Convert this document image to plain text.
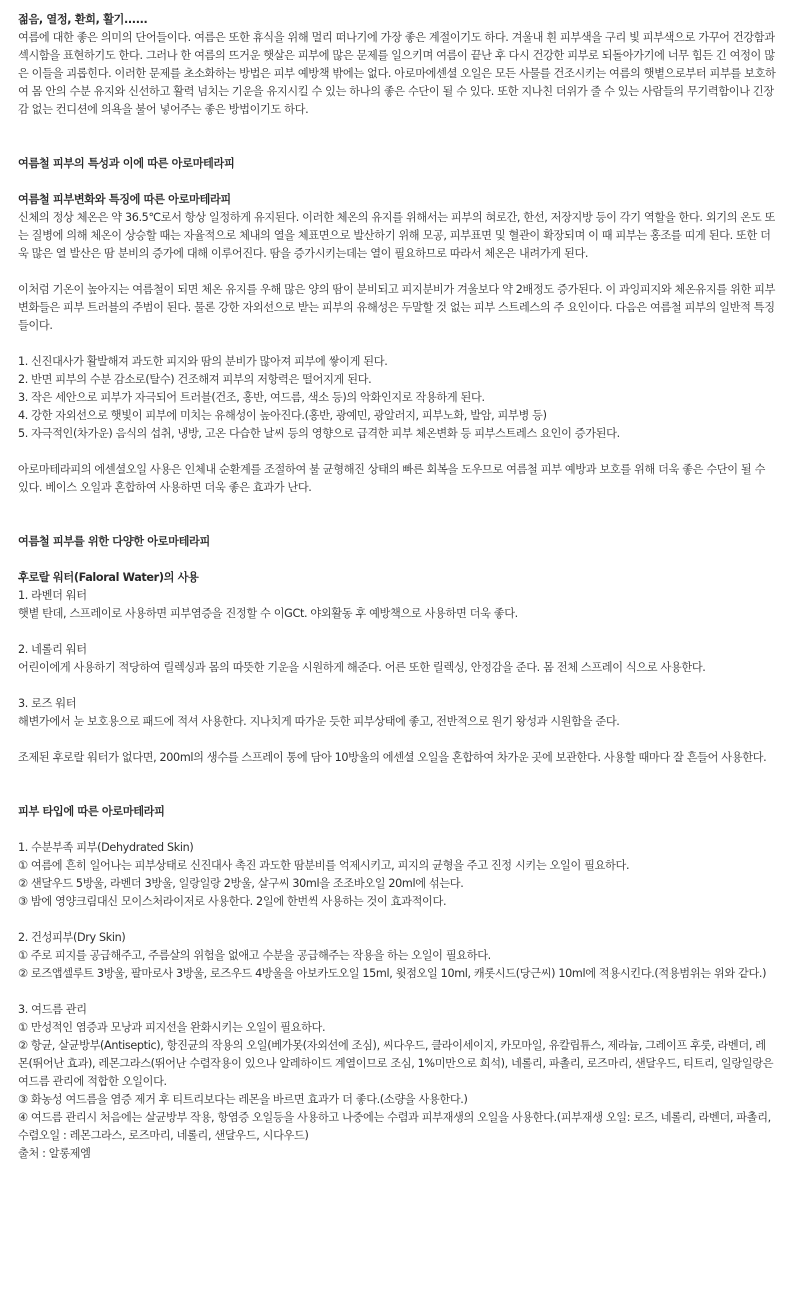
젊음, 열정, 환희, 활기......

여름에 대한 좋은 의미의 단어들이다. 여름은 또한 휴식을 위해 멀리 떠나기에 가장 좋은 계절이기도 하다. 겨울내 흰 피부색을 구리 빛 피부색으로 가꾸어 건강함과 섹시함을 표현하기도 한다. 그러나 한 여름의 뜨거운 햇살은 피부에 많은 문제를 일으키며 여름이 끝난 후 다시 건강한 피부로 되돌아가기에 너무 힘든 긴 여정이 많은 이들을 괴롭힌다. 이러한 문제를 초소화하는 방법은 피부 예방책 밖에는 없다. 아로마에센셜 오일은 모든 사물를 건조시키는 여름의 햇볕으로부터 피부를 보호하여 몸 안의 수분 유지와 신선하고 활력 넘치는 기운을 유지시킬 수 있는 하나의 좋은 수단이 될 수 있다. 또한 지나친 더위가 줄 수 있는 사람들의 무기력함이나 긴장감 없는 컨디션에 의욕을 불어 넣어주는 좋은 방법이기도 하다.

여름철 피부의 특성과 이에 따른 아로마테라피

여름철 피부변화와 특징에 따른 아로마테라피

신체의 정상 체온은 약 36.5℃로서 항상 일정하게 유지된다. 이러한 체온의 유지를 위해서는 피부의 혀로간, 한선, 저장지방 등이 각기 역할을 한다. 외기의 온도 또는 질병에 의해 체온이 상승할 때는 자율적으로 체내의 열을 체표면으로 발산하기 위해 모공, 피부표면 및 혈관이 확장되며 이 때 피부는 홍조를 띠게 된다. 또한 더욱 많은 열 발산은 땀 분비의 증가에 대해 이루어진다. 땀을 증가시키는데는 열이 필요하므로 따라서 체온은 내려가게 된다.

이처럼 기온이 높아지는 여름철이 되면 체온 유지를 우해 많은 양의 땀이 분비되고 피지분비가 겨울보다 약 2배정도 증가된다. 이 과잉피지와 체온유지를 위한 피부변화들은 피부 트러블의 주범이 된다. 물론 강한 자외선으로 받는 피부의 유해성은 두말할 것 없는 피부 스트레스의 주 요인이다. 다음은 여름철 피부의 일반적 특징들이다.

1. 신진대사가 활발해져 과도한 피지와 땀의 분비가 많아져 피부에 쌓이게 된다.

2. 반면 피부의 수분 감소로(탈수) 건조해져 피부의 저항력은 떨어지게 된다.

3. 작은 세안으로 피부가 자극되어 트러블(건조, 홍반, 여드름, 색소 등)의 악화인지로 작용하게 된다.

4. 강한 자외선으로 햇빛이 피부에 미치는 유해성이 높아진다.(홍반, 광예민, 광알러지, 피부노화, 발암, 피부병 등)

5. 자극적인(차가운) 음식의 섭취, 냉방, 고온 다습한 날씨 등의 영향으로 급격한 피부 체온변화 등 피부스트레스 요인이 증가된다.

아로마테라피의 에센셜오일 사용은 인체내 순환계를 조절하여 불 균형해진 상태의 빠른 회복을 도우므로 여름철 피부 예방과 보호를 위해 더욱 좋은 수단이 될 수 있다. 베이스 오일과 혼합하여 사용하면 더욱 좋은 효과가 난다.

여름철 피부를 위한 다양한 아로마테라피

후로랄 워터(Faloral Water)의 사용

1. 라벤더 워터

햇볕 탄데, 스프레이로 사용하면 피부염증을 진정할 수 이GCt. 야외활동 후 예방책으로 사용하면 더욱 좋다.

2. 네롤리 워터

어린이에게 사용하기 적당하여 릴렉싱과 몸의 따뜻한 기운을 시원하게 해준다. 어른 또한 릴렉싱, 안정감을 준다. 몸 전체 스프레이 식으로 사용한다.

3. 로즈 워터

해변가에서 눈 보호용으로 패드에 적셔 사용한다. 지나치게 따가운 듯한 피부상태에 좋고, 전반적으로 원기 왕성과 시원함을 준다.

조제된 후로랄 워터가 없다면, 200ml의 생수를 스프레이 통에 담아 10방울의 에센셜 오일을 혼합하여 차가운 곳에 보관한다. 사용할 때마다 잘 흔들어 사용한다.

피부 타입에 따른 아로마테라피

1. 수분부족 피부(Dehydrated Skin)

① 여름에 흔히 일어나는 피부상태로 신진대사 촉진 과도한 땀분비를 억제시키고, 피지의 균형을 주고 진정 시키는 오일이 필요하다.

② 샌달우드 5방울, 라벤더 3방울, 일랑일랑 2방울, 살구씨 30ml을 조조바오일 20ml에 섞는다.

③ 밤에 영양크림대신 모이스처라이저로 사용한다. 2일에 한번씩 사용하는 것이 효과적이다.

2. 건성피부(Dry Skin)

① 주로 피지를 공급해주고, 주름살의 위험을 없애고 수분을 공급해주는 작용을 하는 오일이 필요하다.

② 로즈앱셀루트 3방울, 팔마로사 3방울, 로즈우드 4방울을 아보카도오일 15ml, 윗점오일 10ml, 캐롯시드(당근씨) 10ml에 적용시킨다.(적용범위는 위와 같다.)

3. 여드름 관리

① 만성적인 염증과 모낭과 피지선을 완화시키는 오일이 필요하다.

② 항균, 살균방부(Antiseptic), 항진균의 작용의 오일(베가못(자외선에 조심), 씨다우드, 클라이세이지, 카모마일, 유칼립튜스, 제라늄, 그레이프 후룻, 라벤더, 레몬(뛰어난 효과), 레몬그라스(뛰어난 수렴작용이 있으나 알레하이드 계열이므로 조심, 1%미만으로 희석), 네롤리, 파촐리, 로즈마리, 샌달우드, 티트리, 일랑일랑은 여드름 관리에 적합한 오일이다.

③ 화농성 여드름을 염증 제거 후 티트리보다는 레몬을 바르면 효과가 더 좋다.(소량을 사용한다.)

④ 여드름 관리시 처음에는 살균방부 작용, 항염증 오일등을 사용하고 나중에는 수렴과 피부재생의 오일을 사용한다.(피부재생 오일: 로즈, 네롤리, 라벤더, 파촐리, 수렴오일 : 레몬그라스, 로즈마리, 네롤리, 샌달우드, 시다우드)

출처 : 알롱제엠
